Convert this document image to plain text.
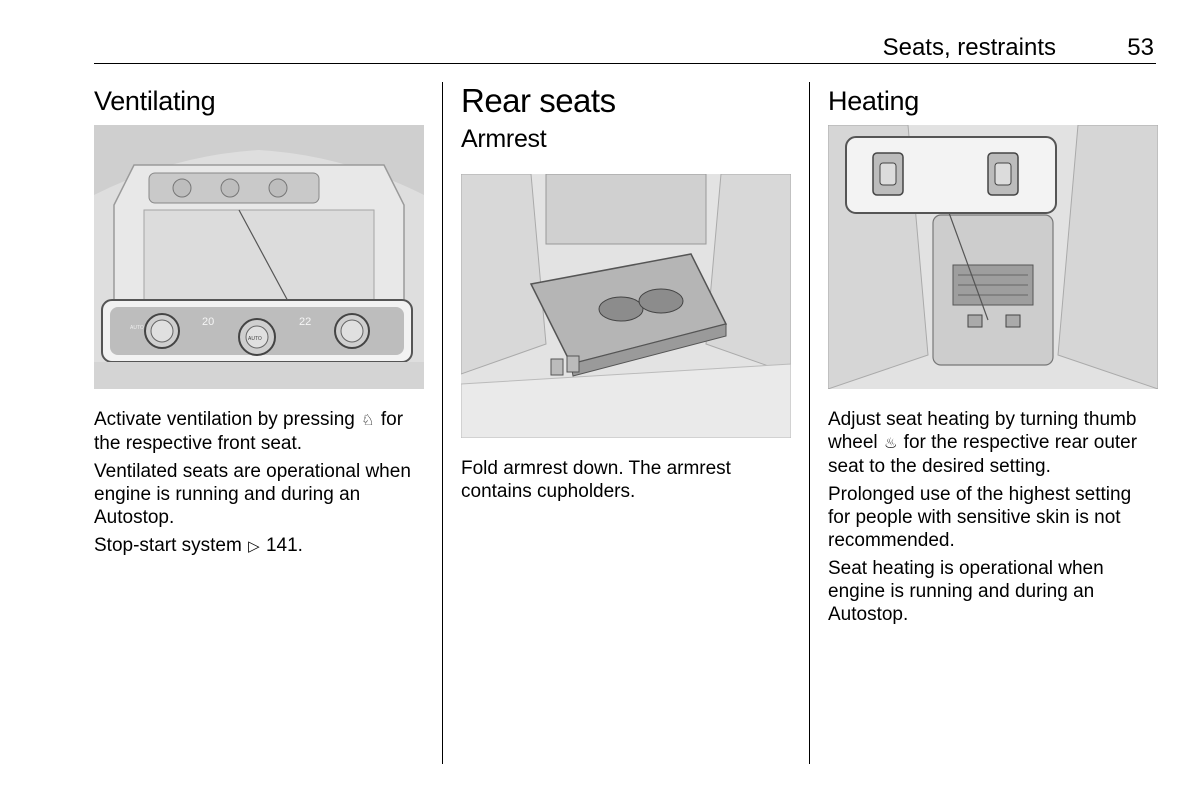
Seats, restraints	53
Ventilating
20	22
AUTO
AUTO

Activate ventilation by pressing ♘ for the respective front seat.

Ventilated seats are operational when engine is running and during an Autostop.

Stop-start system ▷ 141.

Rear seats
Armrest

Fold armrest down. The armrest contains cupholders.

Heating

Adjust seat heating by turning thumb wheel ♨ for the respective rear outer seat to the desired setting.

Prolonged use of the highest setting for people with sensitive skin is not recommended.

Seat heating is operational when engine is running and during an Autostop.
